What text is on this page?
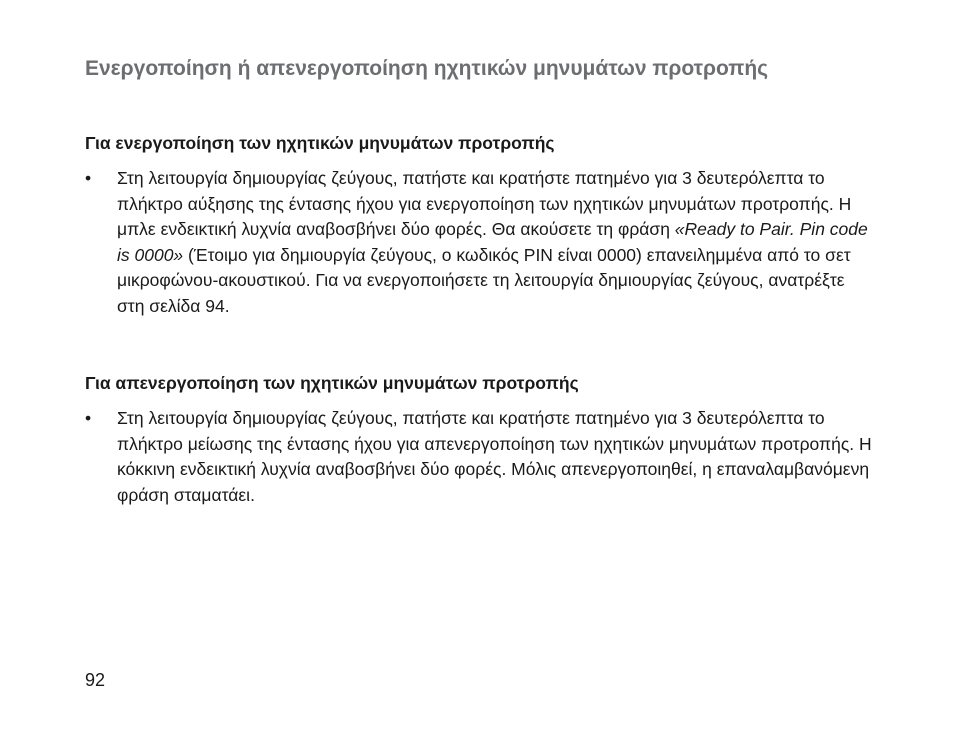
Ενεργοποίηση ή απενεργοποίηση ηχητικών μηνυμάτων προτροπής
Για ενεργοποίηση των ηχητικών μηνυμάτων προτροπής
• Στη λειτουργία δημιουργίας ζεύγους, πατήστε και κρατήστε πατημένο για 3 δευτερόλεπτα το πλήκτρο αύξησης της έντασης ήχου για ενεργοποίηση των ηχητικών μηνυμάτων προτροπής. Η μπλε ενδεικτική λυχνία αναβοσβήνει δύο φορές. Θα ακούσετε τη φράση «Ready to Pair. Pin code is 0000» (Έτοιμο για δημιουργία ζεύγους, ο κωδικός PIN είναι 0000) επανειλημμένα από το σετ μικροφώνου-ακουστικού. Για να ενεργοποιήσετε τη λειτουργία δημιουργίας ζεύγους, ανατρέξτε στη σελίδα 94.
Για απενεργοποίηση των ηχητικών μηνυμάτων προτροπής
• Στη λειτουργία δημιουργίας ζεύγους, πατήστε και κρατήστε πατημένο για 3 δευτερόλεπτα το πλήκτρο μείωσης της έντασης ήχου για απενεργοποίηση των ηχητικών μηνυμάτων προτροπής. Η κόκκινη ενδεικτική λυχνία αναβοσβήνει δύο φορές. Μόλις απενεργοποιηθεί, η επαναλαμβανόμενη φράση σταματάει.
92
